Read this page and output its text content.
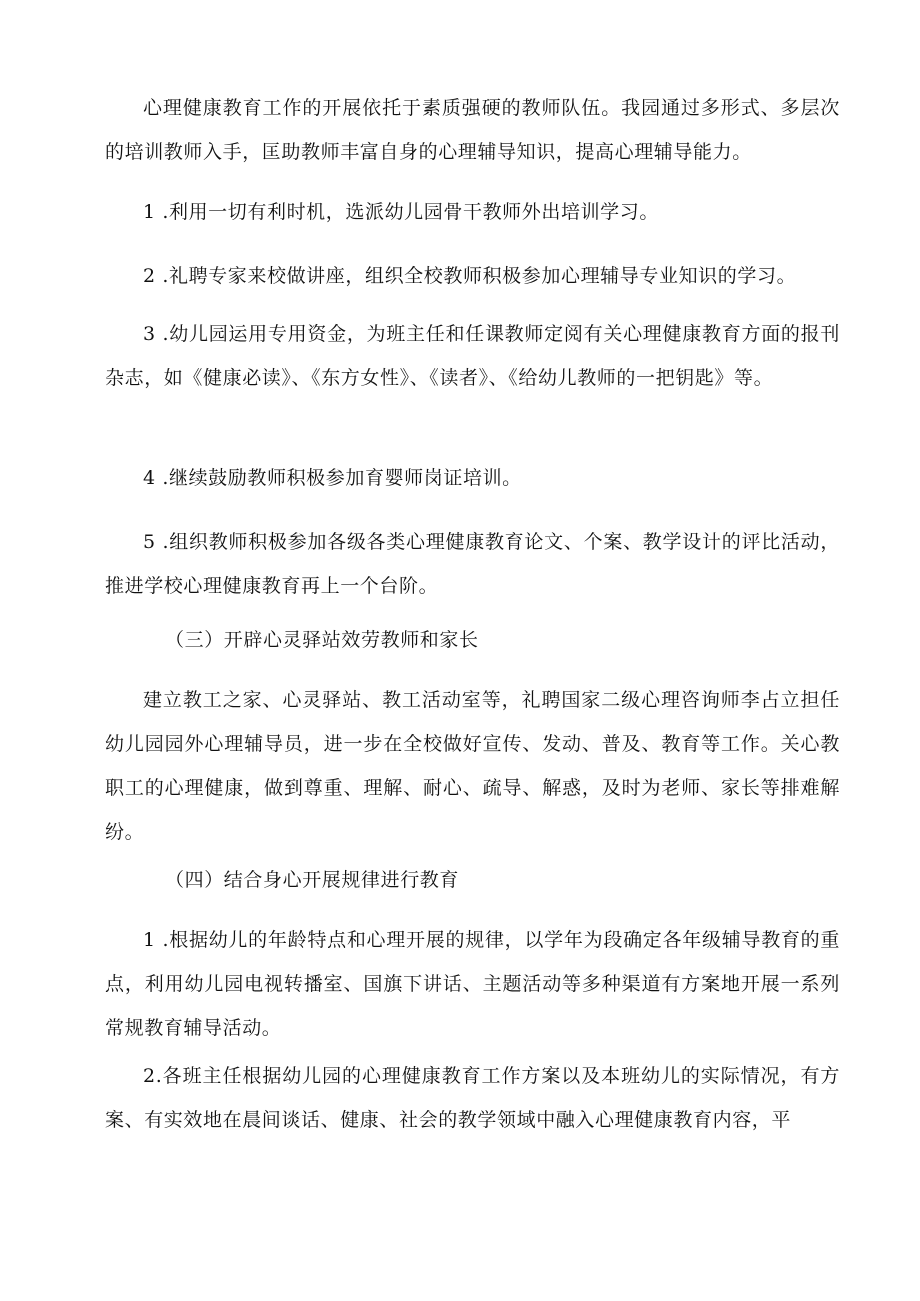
心理健康教育工作的开展依托于素质强硬的教师队伍。我园通过多形式、多层次的培训教师入手，匡助教师丰富自身的心理辅导知识，提高心理辅导能力。

1 .利用一切有利时机，选派幼儿园骨干教师外出培训学习。

2 .礼聘专家来校做讲座，组织全校教师积极参加心理辅导专业知识的学习。

3 .幼儿园运用专用资金，为班主任和任课教师定阅有关心理健康教育方面的报刊杂志，如《健康必读》、《东方女性》、《读者》、《给幼儿教师的一把钥匙》等。

4 .继续鼓励教师积极参加育婴师岗证培训。

5 .组织教师积极参加各级各类心理健康教育论文、个案、教学设计的评比活动，推进学校心理健康教育再上一个台阶。

（三）开辟心灵驿站效劳教师和家长

建立教工之家、心灵驿站、教工活动室等，礼聘国家二级心理咨询师李占立担任幼儿园园外心理辅导员，进一步在全校做好宣传、发动、普及、教育等工作。关心教职工的心理健康，做到尊重、理解、耐心、疏导、解惑，及时为老师、家长等排难解纷。

（四）结合身心开展规律进行教育

1 .根据幼儿的年龄特点和心理开展的规律，以学年为段确定各年级辅导教育的重点，利用幼儿园电视转播室、国旗下讲话、主题活动等多种渠道有方案地开展一系列常规教育辅导活动。

2.各班主任根据幼儿园的心理健康教育工作方案以及本班幼儿的实际情况，有方案、有实效地在晨间谈话、健康、社会的教学领域中融入心理健康教育内容，平
